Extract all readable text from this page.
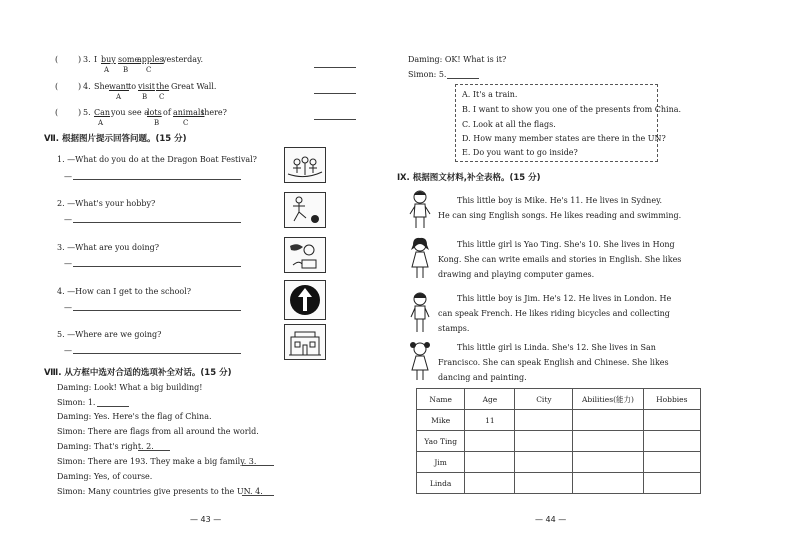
( ) 3. I buy some
apples
yesterday.
A B	C
( ) 4. She want to visit the Great Wall.
A	B C
( ) 5. Can you see a
lots of animals
there?
A	B	C
Ⅶ. 根据图片提示回答问题。(15 分)
1. —What do you do at the Dragon Boat Festival?
—
2. —What's your hobby?
—
3. —What are you doing?
—
4. —How can I get to the school?
—
5. —Where are we going?
—
Ⅷ. 从方框中选对合适的选项补全对话。(15 分)
Daming: Look! What a big building!
Simon: 1.
Daming: Yes. Here's the flag of China.
Simon: There are flags from all around the world.
Daming: That's right. 2.
Simon: There are 193. They make a big family. 3.
Daming: Yes, of course.
Simon: Many countries give presents to the UN. 4.
— 43 —
Daming: OK! What is it?
Simon: 5.
A. It's a train.
B. I want to show you one of the presents from China.
C. Look at all the flags.
D. How many member states are there in the UN?
E. Do you want to go inside?
Ⅸ. 根据图文材料,补全表格。(15 分)
This little boy is Mike. He's 11. He lives in Sydney.
He can sing English songs. He likes reading and swimming.
This little girl is Yao Ting. She's 10. She lives in Hong
Kong. She can write emails and stories in English. She likes
drawing and playing computer games.
This little boy is Jim. He's 12. He lives in London. He
can speak French. He likes riding bicycles and collecting
stamps.
This little girl is Linda. She's 12. She lives in San
Francisco. She can speak English and Chinese. She likes
dancing and painting.
Name	Age	City	Abilities(能力)	Hobbies
Mike	11			
Yao Ting				
Jim				
Linda				
— 44 —
